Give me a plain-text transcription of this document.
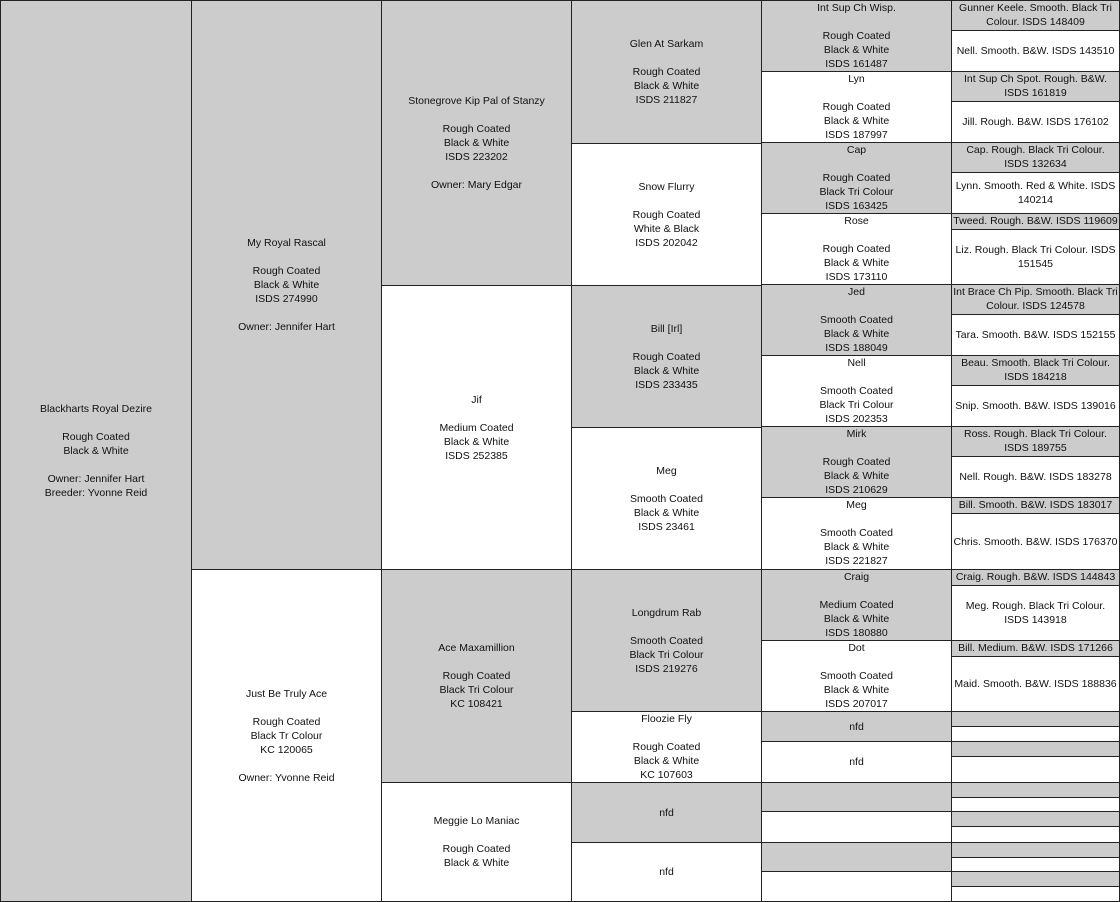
Blackharts Royal Dezire
Rough Coated
Black & White
Owner: Jennifer Hart
Breeder: Yvonne Reid
My Royal Rascal
Rough Coated
Black & White
ISDS 274990
Owner: Jennifer Hart
Just Be Truly Ace
Rough Coated
Black Tr Colour
KC 120065
Owner: Yvonne Reid
Stonegrove Kip Pal of Stanzy
Rough Coated
Black & White
ISDS 223202
Owner: Mary Edgar
Jif
Medium Coated
Black & White
ISDS 252385
Ace Maxamillion
Rough Coated
Black Tri Colour
KC 108421
Meggie Lo Maniac
Rough Coated
Black & White
Glen At Sarkam
Rough Coated
Black & White
ISDS 211827
Snow Flurry
Rough Coated
White & Black
ISDS 202042
Bill [Irl]
Rough Coated
Black & White
ISDS 233435
Meg
Smooth Coated
Black & White
ISDS 23461
Longdrum Rab
Smooth Coated
Black Tri Colour
ISDS 219276
Floozie Fly
Rough Coated
Black & White
KC 107603
nfd
nfd
Int Sup Ch Wisp.
Rough Coated
Black & White
ISDS 161487
Lyn
Rough Coated
Black & White
ISDS 187997
Cap
Rough Coated
Black Tri Colour
ISDS 163425
Rose
Rough Coated
Black & White
ISDS 173110
Jed
Smooth Coated
Black & White
ISDS 188049
Nell
Smooth Coated
Black Tri Colour
ISDS 202353
Mirk
Rough Coated
Black & White
ISDS 210629
Meg
Smooth Coated
Black & White
ISDS 221827
Craig
Medium Coated
Black & White
ISDS 180880
Dot
Smooth Coated
Black & White
ISDS 207017
nfd
nfd
Gunner Keele. Smooth. Black Tri Colour. ISDS 148409
Nell. Smooth. B&W. ISDS 143510
Int Sup Ch Spot. Rough. B&W. ISDS 161819
Jill. Rough. B&W. ISDS 176102
Cap. Rough. Black Tri Colour. ISDS 132634
Lynn. Smooth. Red & White. ISDS 140214
Tweed. Rough. B&W. ISDS 119609
Liz. Rough. Black Tri Colour. ISDS 151545
Int Brace Ch Pip. Smooth. Black Tri Colour. ISDS 124578
Tara. Smooth. B&W. ISDS 152155
Beau. Smooth. Black Tri Colour. ISDS 184218
Snip. Smooth. B&W. ISDS 139016
Ross. Rough. Black Tri Colour. ISDS 189755
Nell. Rough. B&W. ISDS 183278
Bill. Smooth. B&W. ISDS 183017
Chris. Smooth. B&W. ISDS 176370
Craig. Rough. B&W. ISDS 144843
Meg. Rough. Black Tri Colour. ISDS 143918
Bill. Medium. B&W. ISDS 171266
Maid. Smooth. B&W. ISDS 188836
